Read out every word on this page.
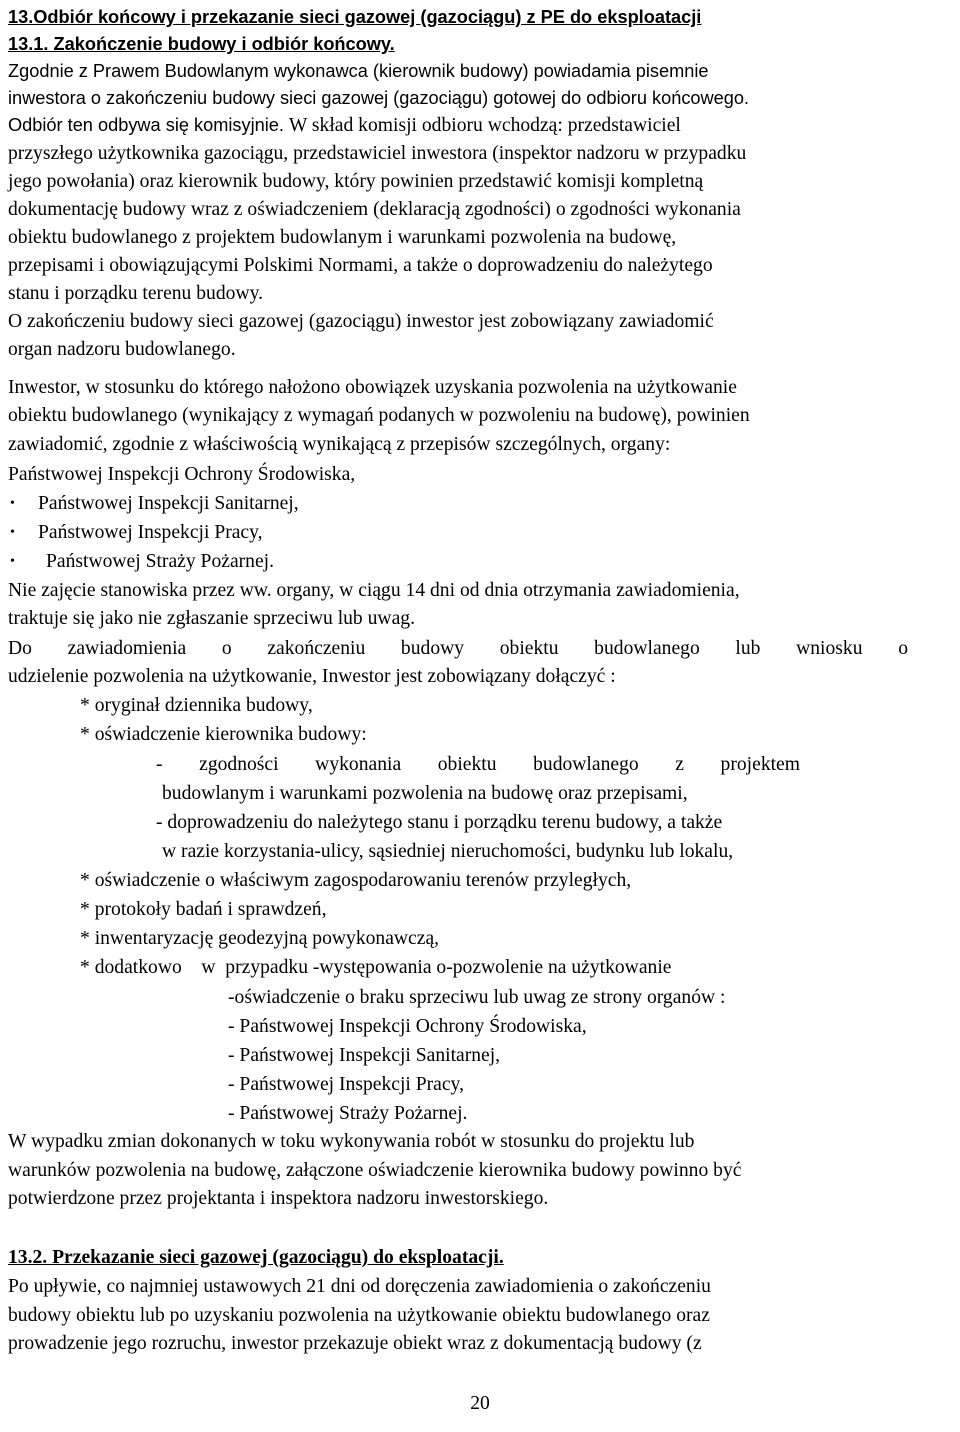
13.Odbiór końcowy i przekazanie sieci gazowej (gazociągu) z PE do eksploatacji
13.1. Zakończenie budowy i odbiór końcowy.
Zgodnie z Prawem Budowlanym wykonawca (kierownik budowy) powiadamia pisemnie
inwestora o zakończeniu budowy sieci gazowej (gazociągu) gotowej do odbioru końcowego.
Odbiór ten odbywa się komisyjnie. W skład komisji odbioru wchodzą: przedstawiciel
przyszłego użytkownika gazociągu, przedstawiciel inwestora (inspektor nadzoru w przypadku
jego powołania) oraz kierownik budowy, który powinien przedstawić komisji kompletną
dokumentację budowy wraz z oświadczeniem (deklaracją zgodności) o zgodności wykonania
obiektu budowlanego z projektem budowlanym i warunkami pozwolenia na budowę,
przepisami i obowiązującymi Polskimi Normami, a także o doprowadzeniu do należytego
stanu i porządku terenu budowy.
O zakończeniu budowy sieci gazowej (gazociągu) inwestor jest zobowiązany zawiadomić
organ nadzoru budowlanego.
Inwestor, w stosunku do którego nałożono obowiązek uzyskania pozwolenia na użytkowanie
obiektu budowlanego (wynikający z wymagań podanych w pozwoleniu na budowę), powinien
zawiadomić, zgodnie z właściwością wynikającą z przepisów szczególnych, organy:
Państwowej Inspekcji Ochrony Środowiska,
• Państwowej Inspekcji Sanitarnej,
• Państwowej Inspekcji Pracy,
• Państwowej Straży Pożarnej.
Nie zajęcie stanowiska przez ww. organy, w ciągu 14 dni od dnia otrzymania zawiadomienia,
traktuje się jako nie zgłaszanie sprzeciwu lub uwag.
Do zawiadomienia o zakończeniu budowy obiektu budowlanego lub wniosku o
udzielenie pozwolenia na użytkowanie, Inwestor jest zobowiązany dołączyć :
* oryginał dziennika budowy,
* oświadczenie kierownika budowy:
- zgodności wykonania obiektu budowlanego z projektem
budowlanym i warunkami pozwolenia na budowę oraz przepisami,
- doprowadzeniu do należytego stanu i porządku terenu budowy, a także
w razie korzystania-ulicy, sąsiedniej nieruchomości, budynku lub lokalu,
* oświadczenie o właściwym zagospodarowaniu terenów przyległych,
* protokoły badań i sprawdzeń,
* inwentaryzację geodezyjną powykonawczą,
* dodatkowo    w  przypadku -występowania o-pozwolenie na użytkowanie
-oświadczenie o braku sprzeciwu lub uwag ze strony organów :
- Państwowej Inspekcji Ochrony Środowiska,
- Państwowej Inspekcji Sanitarnej,
- Państwowej Inspekcji Pracy,
- Państwowej Straży Pożarnej.
W wypadku zmian dokonanych w toku wykonywania robót w stosunku do projektu lub
warunków pozwolenia na budowę, załączone oświadczenie kierownika budowy powinno być
potwierdzone przez projektanta i inspektora nadzoru inwestorskiego.
13.2. Przekazanie sieci gazowej (gazociągu) do eksploatacji.
Po upływie, co najmniej ustawowych 21 dni od doręczenia zawiadomienia o zakończeniu
budowy obiektu lub po uzyskaniu pozwolenia na użytkowanie obiektu budowlanego oraz
prowadzenie jego rozruchu, inwestor przekazuje obiekt wraz z dokumentacją budowy (z
20
